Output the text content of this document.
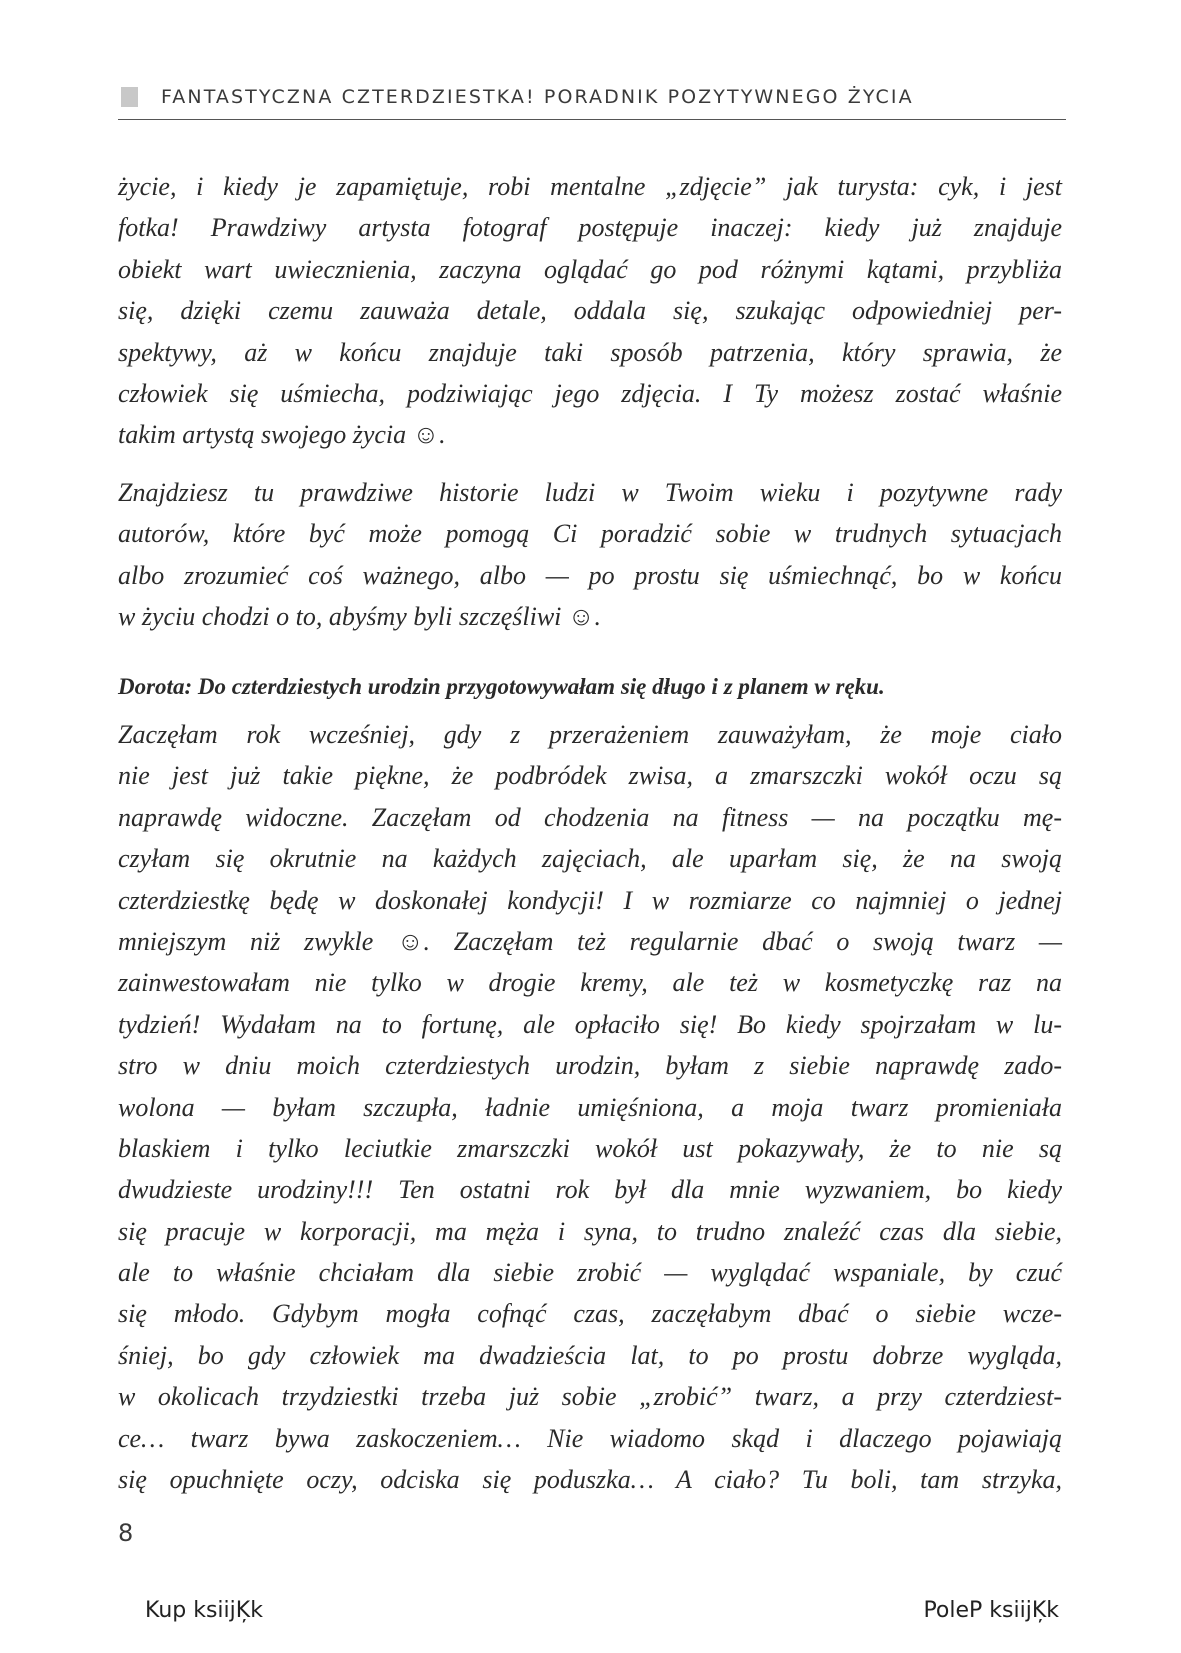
FANTASTYCZNA CZTERDZIESTKA! PORADNIK POZYTYWNEGO ŻYCIA
życie, i kiedy je zapamiętuje, robi mentalne „zdjęcie” jak turysta: cyk, i jest
fotka! Prawdziwy artysta fotograf postępuje inaczej: kiedy już znajduje
obiekt wart uwiecznienia, zaczyna oglądać go pod różnymi kątami, przybliża
się, dzięki czemu zauważa detale, oddala się, szukając odpowiedniej per-
spektywy, aż w końcu znajduje taki sposób patrzenia, który sprawia, że
człowiek się uśmiecha, podziwiając jego zdjęcia. I Ty możesz zostać właśnie
takim artystą swojego życia ☺.
Znajdziesz tu prawdziwe historie ludzi w Twoim wieku i pozytywne rady
autorów, które być może pomogą Ci poradzić sobie w trudnych sytuacjach
albo zrozumieć coś ważnego, albo — po prostu się uśmiechnąć, bo w końcu
w życiu chodzi o to, abyśmy byli szczęśliwi ☺.
Dorota: Do czterdziestych urodzin przygotowywałam się długo i z planem w ręku.
Zaczęłam rok wcześniej, gdy z przerażeniem zauważyłam, że moje ciało
nie jest już takie piękne, że podbródek zwisa, a zmarszczki wokół oczu są
naprawdę widoczne. Zaczęłam od chodzenia na fitness — na początku mę-
czyłam się okrutnie na każdych zajęciach, ale uparłam się, że na swoją
czterdziestkę będę w doskonałej kondycji! I w rozmiarze co najmniej o jednej
mniejszym niż zwykle ☺. Zaczęłam też regularnie dbać o swoją twarz —
zainwestowałam nie tylko w drogie kremy, ale też w kosmetyczkę raz na
tydzień! Wydałam na to fortunę, ale opłaciło się! Bo kiedy spojrzałam w lu-
stro w dniu moich czterdziestych urodzin, byłam z siebie naprawdę zado-
wolona — byłam szczupła, ładnie umięśniona, a moja twarz promieniała
blaskiem i tylko leciutkie zmarszczki wokół ust pokazywały, że to nie są
dwudzieste urodziny!!! Ten ostatni rok był dla mnie wyzwaniem, bo kiedy
się pracuje w korporacji, ma męża i syna, to trudno znaleźć czas dla siebie,
ale to właśnie chciałam dla siebie zrobić — wyglądać wspaniale, by czuć
się młodo. Gdybym mogła cofnąć czas, zaczęłabym dbać o siebie wcze-
śniej, bo gdy człowiek ma dwadzieścia lat, to po prostu dobrze wygląda,
w okolicach trzydziestki trzeba już sobie „zrobić” twarz, a przy czterdziest-
ce… twarz bywa zaskoczeniem… Nie wiadomo skąd i dlaczego pojawiają
się opuchnięte oczy, odciska się poduszka… A ciało? Tu boli, tam strzyka,
8
Kup ksiĳĶk	PoleP ksiĳĶk
